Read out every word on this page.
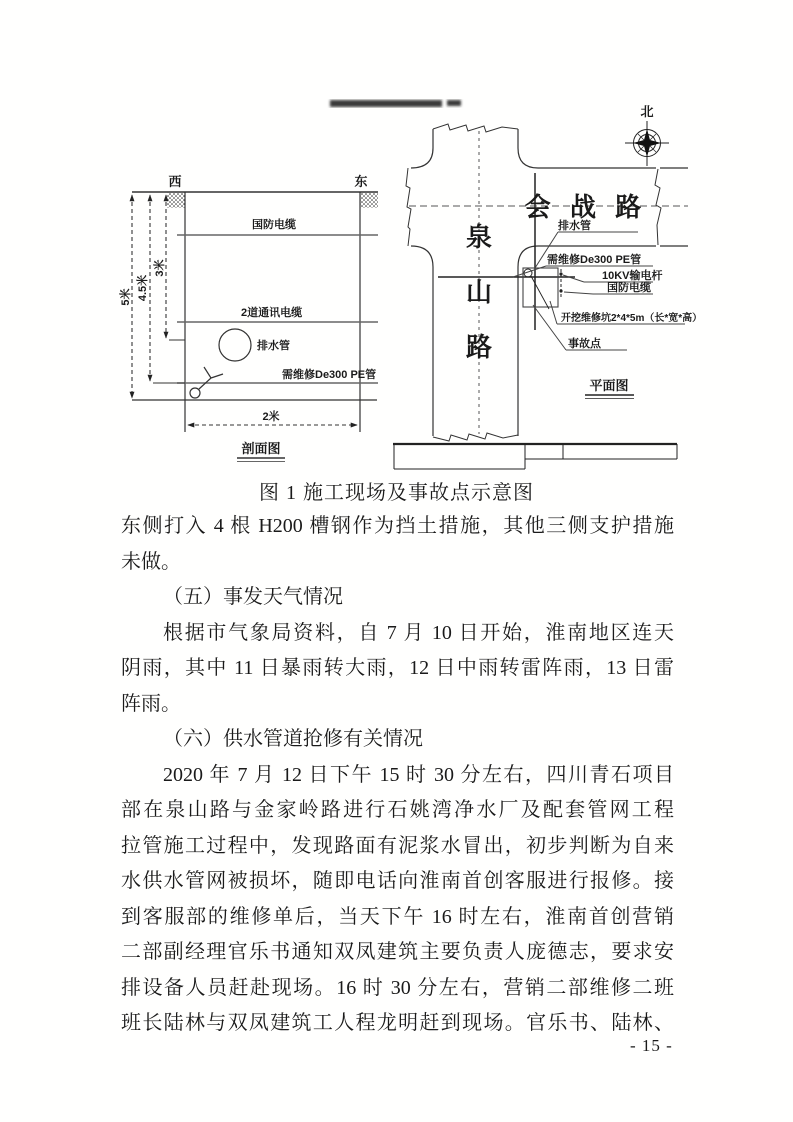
西	东
国防电缆
2道通讯电缆
排水管
需维修De300 PE管
5米 4.5米
3米
2米
剖面图
北
会 战 路
泉
山
路
排水管
需维修De300 PE管
10KV输电杆
国防电缆
开挖维修坑2*4*5m（长*宽*高）
事故点
平面图
图 1 施工现场及事故点示意图
东侧打入 4 根 H200 槽钢作为挡土措施，其他三侧支护措施
未做。
（五）事发天气情况
根据市气象局资料，自 7 月 10 日开始，淮南地区连天
阴雨，其中 11 日暴雨转大雨，12 日中雨转雷阵雨，13 日雷
阵雨。
（六）供水管道抢修有关情况
2020 年 7 月 12 日下午 15 时 30 分左右，四川青石项目
部在泉山路与金家岭路进行石姚湾净水厂及配套管网工程
拉管施工过程中，发现路面有泥浆水冒出，初步判断为自来
水供水管网被损坏，随即电话向淮南首创客服进行报修。接
到客服部的维修单后，当天下午 16 时左右，淮南首创营销
二部副经理官乐书通知双凤建筑主要负责人庞德志，要求安
排设备人员赶赴现场。16 时 30 分左右，营销二部维修二班
班长陆林与双凤建筑工人程龙明赶到现场。官乐书、陆林、
- 15 -
